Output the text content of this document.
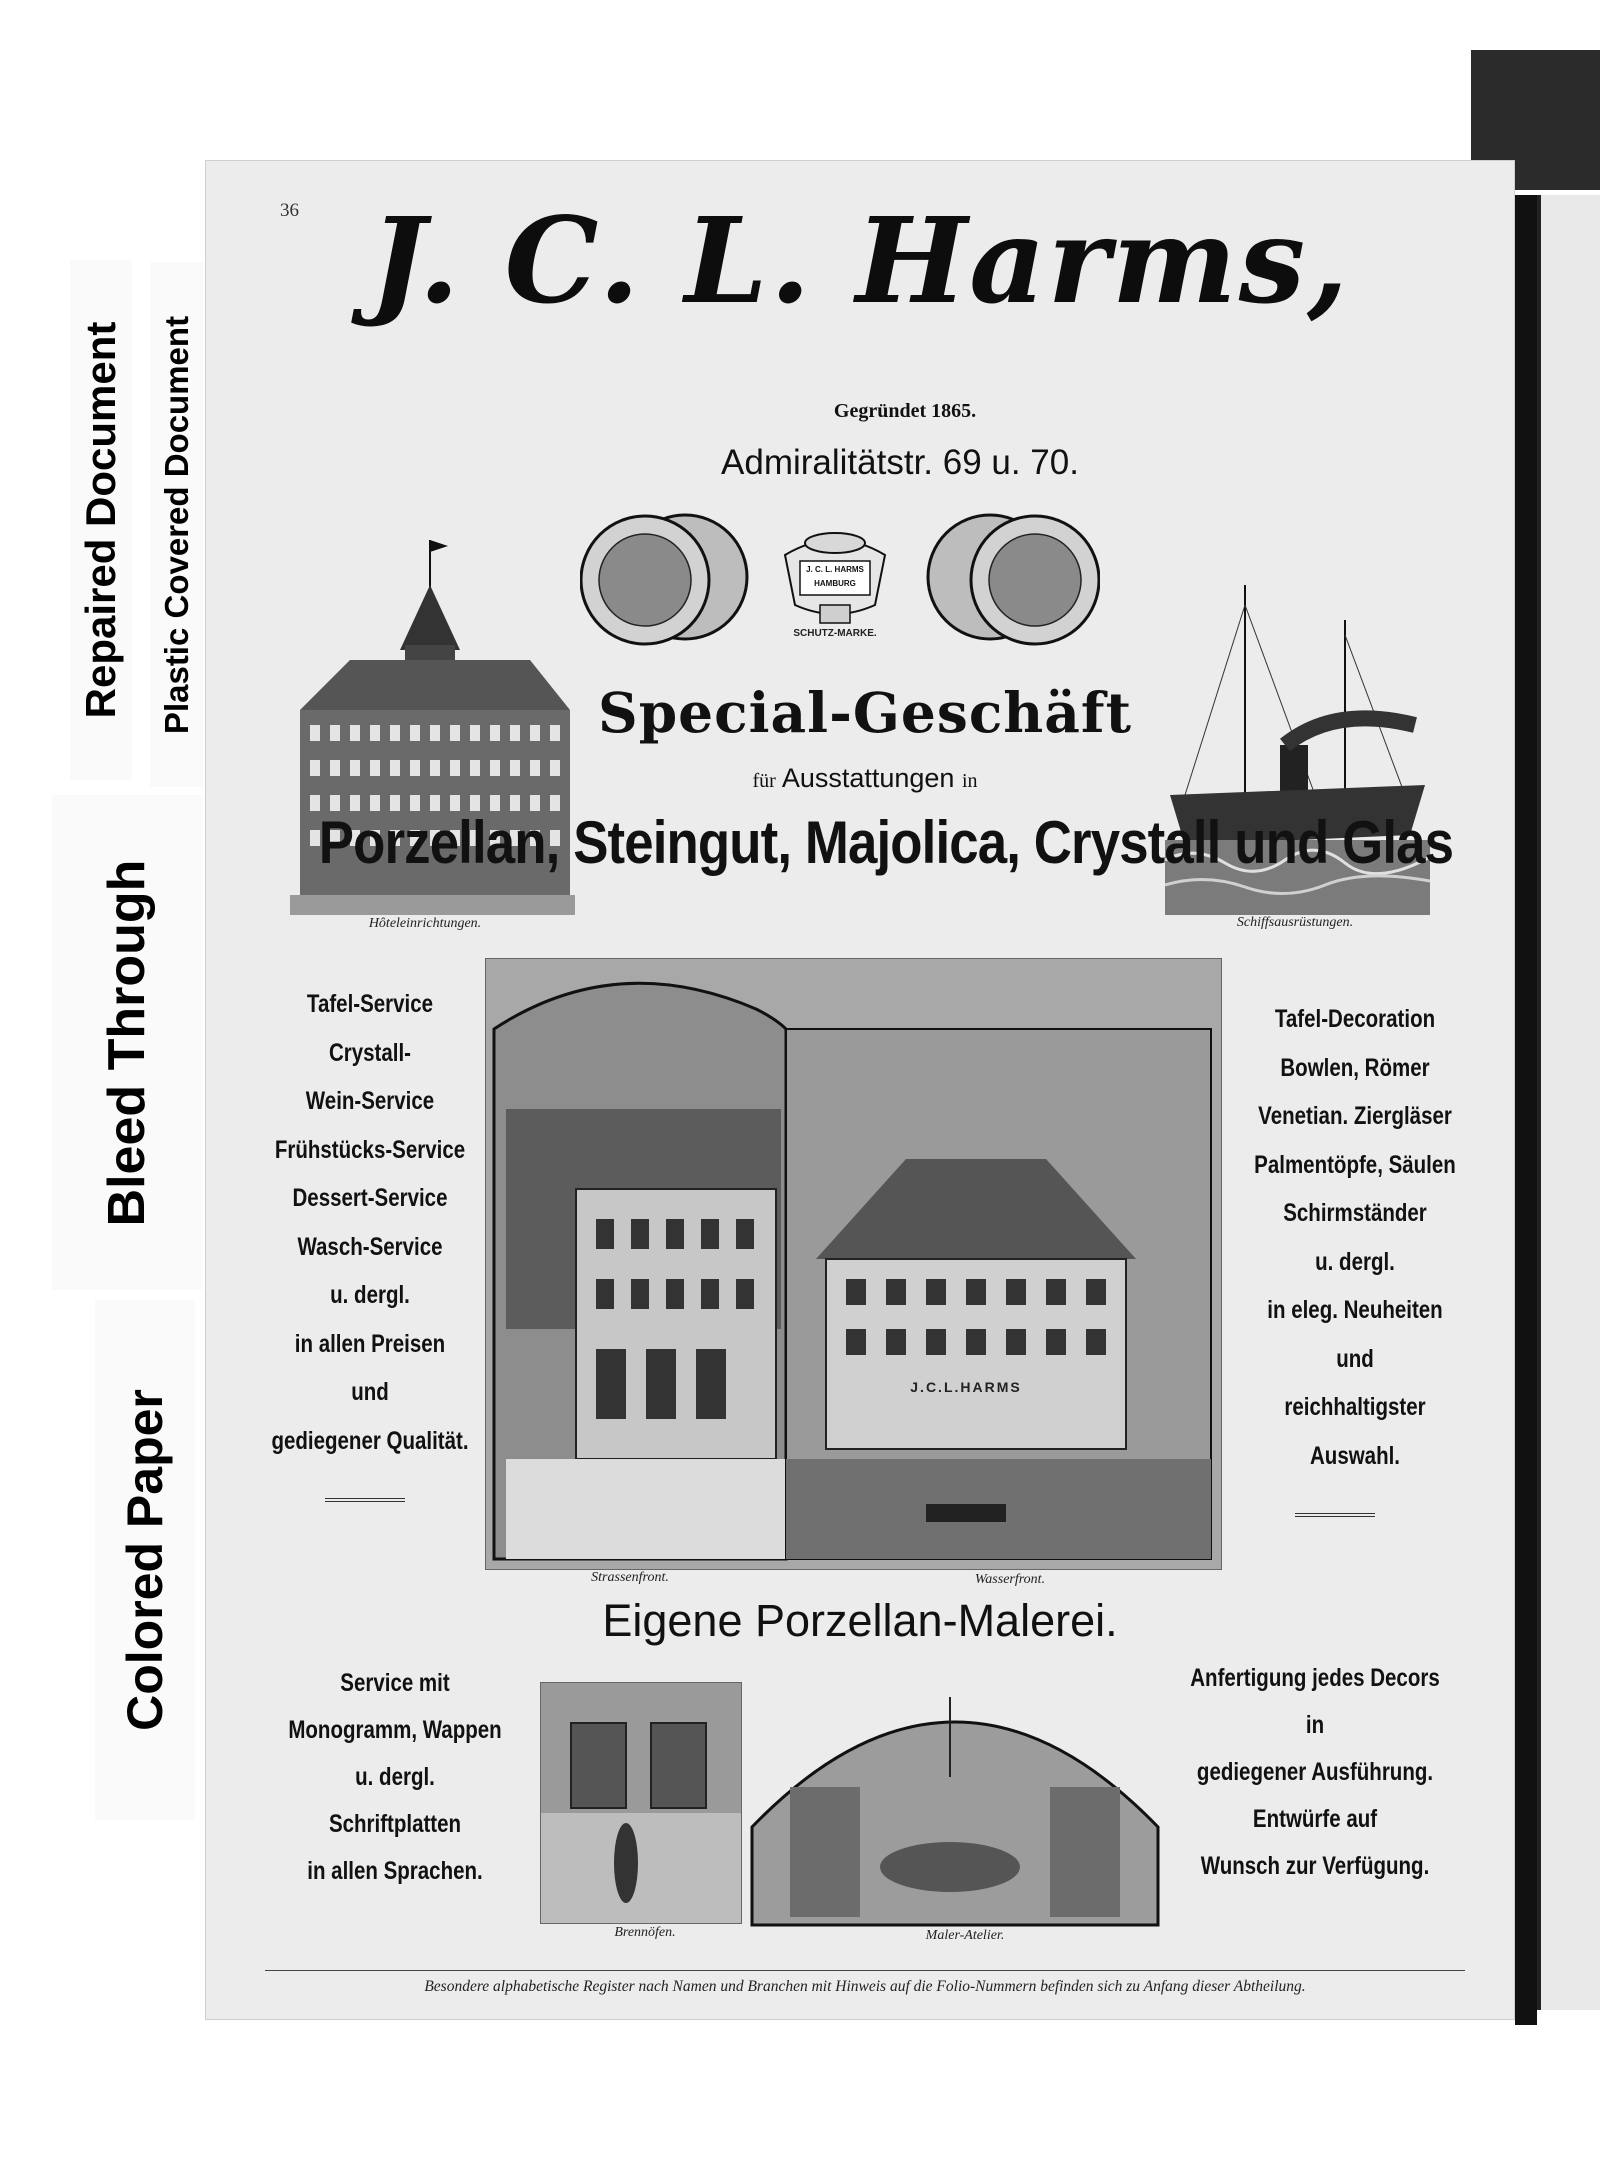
Repaired Document Plastic Covered Document
Bleed Through
Colored Paper
36 J. C. L. Harms,
Gegründet 1865.
Admiralitätstr. 69 u. 70.
Hôteleinrichtungen.
J. C. L. HARMS
HAMBURG
SCHUTZ-MARKE.
Schiffsausrüstungen.
Special-Geschäft
für Ausstattungen in
Porzellan, Steingut, Majolica, Crystall und Glas
Tafel-Service
Crystall-
Wein-Service
Frühstücks-Service
Dessert-Service
Wasch-Service
u. dergl.
in allen Preisen
und
gediegener Qualität.
J.C.L.HARMS
Strassenfront.	Wasserfront.
Tafel-Decoration
Bowlen, Römer
Venetian. Ziergläser
Palmentöpfe, Säulen
Schirmständer
u. dergl.
in eleg. Neuheiten
und
reichhaltigster
Auswahl.
Eigene Porzellan-Malerei.
Service mit
Monogramm, Wappen
u. dergl.
Schriftplatten
in allen Sprachen.
Brennöfen.	Maler-Atelier.
Anfertigung jedes Decors
in
gediegener Ausführung.
Entwürfe auf
Wunsch zur Verfügung.
Besondere alphabetische Register nach Namen und Branchen mit Hinweis auf die Folio-Nummern befinden sich zu Anfang dieser Abtheilung.
